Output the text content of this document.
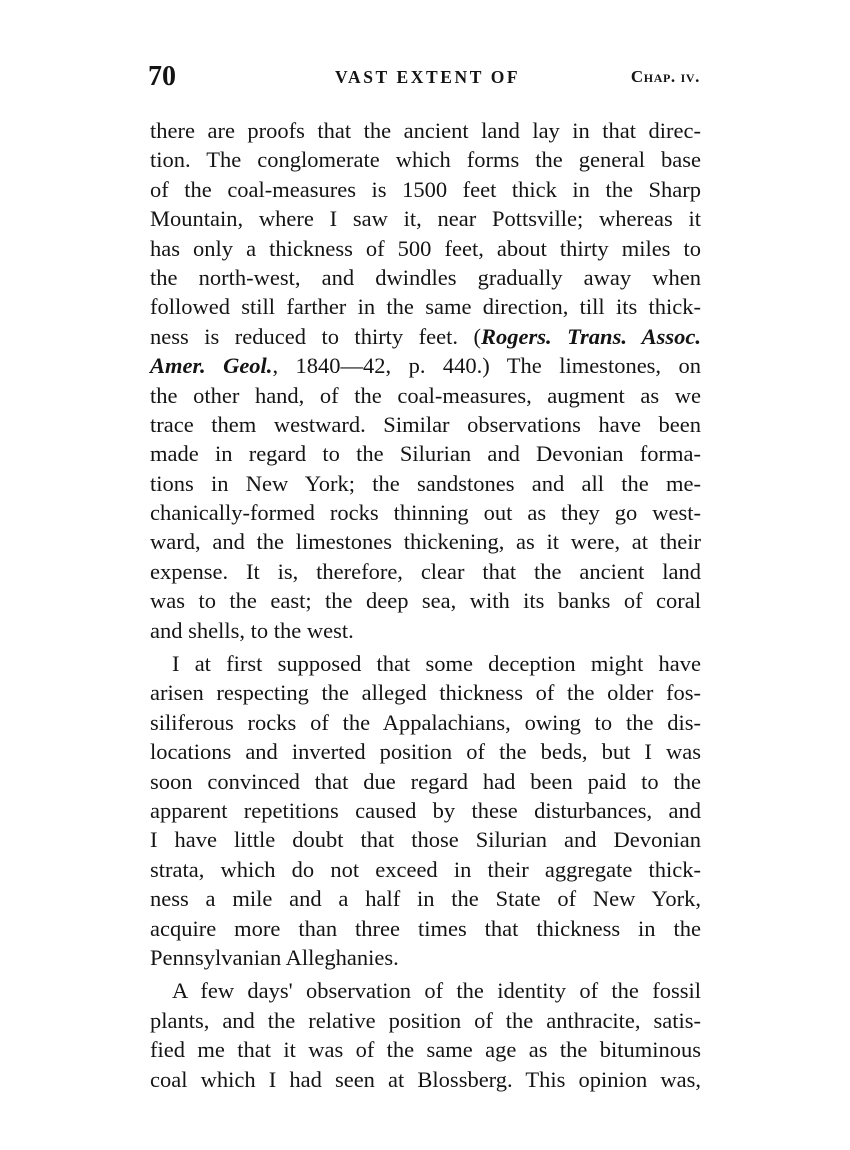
70	VAST EXTENT OF	Chap. iv.
there are proofs that the ancient land lay in that direc-
tion. The conglomerate which forms the general base
of the coal-measures is 1500 feet thick in the Sharp
Mountain, where I saw it, near Pottsville; whereas it
has only a thickness of 500 feet, about thirty miles to
the north-west, and dwindles gradually away when
followed still farther in the same direction, till its thick-
ness is reduced to thirty feet. (Rogers. Trans. Assoc.
Amer. Geol., 1840—42, p. 440.) The limestones, on
the other hand, of the coal-measures, augment as we
trace them westward. Similar observations have been
made in regard to the Silurian and Devonian forma-
tions in New York; the sandstones and all the me-
chanically-formed rocks thinning out as they go west-
ward, and the limestones thickening, as it were, at their
expense. It is, therefore, clear that the ancient land
was to the east; the deep sea, with its banks of coral
and shells, to the west.
I at first supposed that some deception might have
arisen respecting the alleged thickness of the older fos-
siliferous rocks of the Appalachians, owing to the dis-
locations and inverted position of the beds, but I was
soon convinced that due regard had been paid to the
apparent repetitions caused by these disturbances, and
I have little doubt that those Silurian and Devonian
strata, which do not exceed in their aggregate thick-
ness a mile and a half in the State of New York,
acquire more than three times that thickness in the
Pennsylvanian Alleghanies.
A few days' observation of the identity of the fossil
plants, and the relative position of the anthracite, satis-
fied me that it was of the same age as the bituminous
coal which I had seen at Blossberg. This opinion was,
